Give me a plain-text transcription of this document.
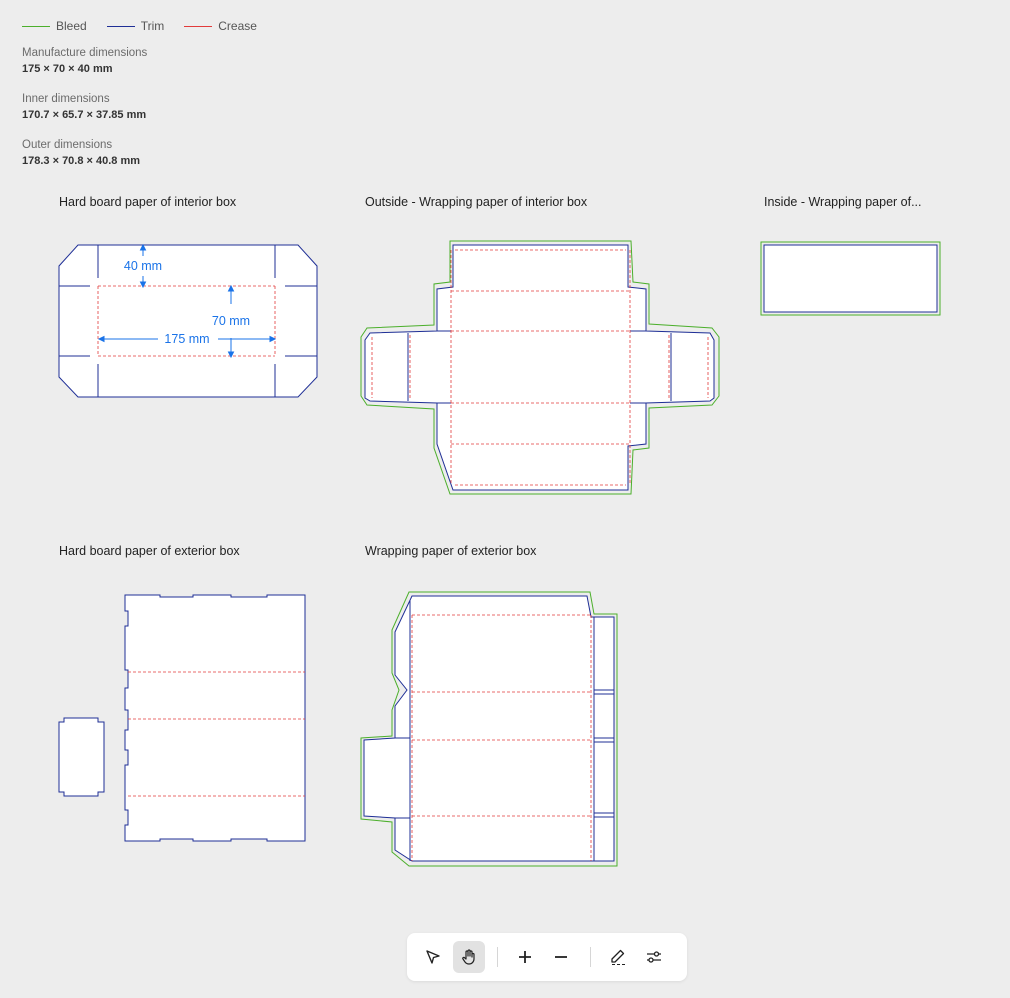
Bleed	Trim	Crease
Manufacture dimensions
175 × 70 × 40 mm
Inner dimensions
170.7 × 65.7 × 37.85 mm
Outer dimensions
178.3 × 70.8 × 40.8 mm
Hard board paper of interior box	Outside - Wrapping paper of interior box	Inside - Wrapping paper of...
Hard board paper of exterior box	Wrapping paper of exterior box
40 mm
70 mm
175 mm
